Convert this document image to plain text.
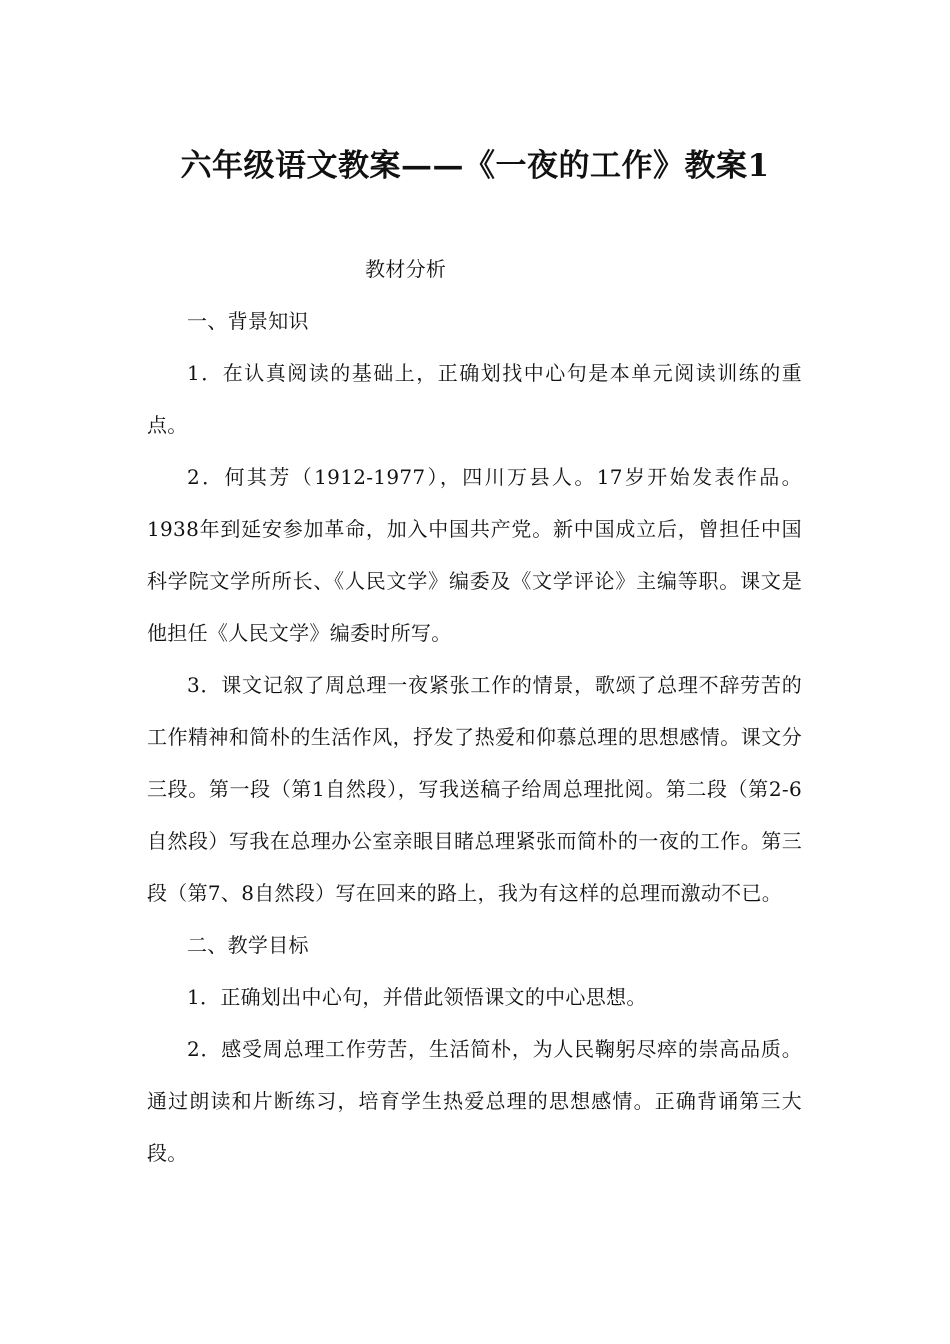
六年级语文教案——《一夜的工作》教案1

教材分析

一、背景知识

1．在认真阅读的基础上，正确划找中心句是本单元阅读训练的重点。

2．何其芳（1912-1977），四川万县人。17岁开始发表作品。1938年到延安参加革命，加入中国共产党。新中国成立后，曾担任中国科学院文学所所长、《人民文学》编委及《文学评论》主编等职。课文是他担任《人民文学》编委时所写。

3．课文记叙了周总理一夜紧张工作的情景，歌颂了总理不辞劳苦的工作精神和简朴的生活作风，抒发了热爱和仰慕总理的思想感情。课文分三段。第一段（第1自然段），写我送稿子给周总理批阅。第二段（第2-6自然段）写我在总理办公室亲眼目睹总理紧张而简朴的一夜的工作。第三段（第7、8自然段）写在回来的路上，我为有这样的总理而激动不已。

二、教学目标

1．正确划出中心句，并借此领悟课文的中心思想。

2．感受周总理工作劳苦，生活简朴，为人民鞠躬尽瘁的崇高品质。通过朗读和片断练习，培育学生热爱总理的思想感情。正确背诵第三大段。
